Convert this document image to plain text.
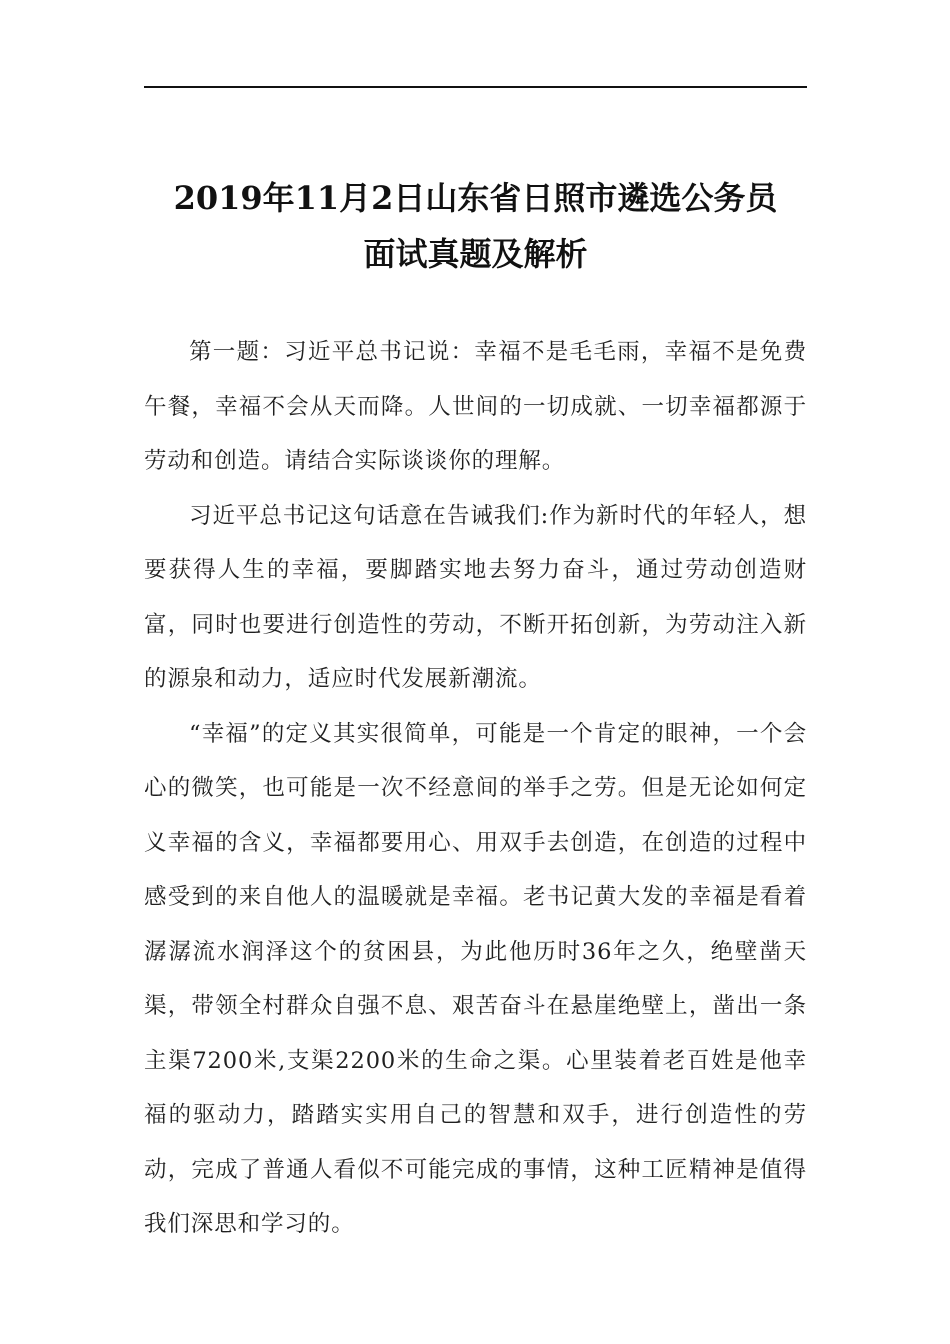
2019年11月2日山东省日照市遴选公务员
面试真题及解析

第一题：习近平总书记说：幸福不是毛毛雨，幸福不是免费午餐，幸福不会从天而降。人世间的一切成就、一切幸福都源于劳动和创造。请结合实际谈谈你的理解。

习近平总书记这句话意在告诫我们:作为新时代的年轻人，想要获得人生的幸福，要脚踏实地去努力奋斗，通过劳动创造财富，同时也要进行创造性的劳动，不断开拓创新，为劳动注入新的源泉和动力，适应时代发展新潮流。

“幸福”的定义其实很简单，可能是一个肯定的眼神，一个会心的微笑，也可能是一次不经意间的举手之劳。但是无论如何定义幸福的含义，幸福都要用心、用双手去创造，在创造的过程中感受到的来自他人的温暖就是幸福。老书记黄大发的幸福是看着潺潺流水润泽这个的贫困县，为此他历时36年之久，绝壁凿天渠，带领全村群众自强不息、艰苦奋斗在悬崖绝壁上，凿出一条主渠7200米,支渠2200米的生命之渠。心里装着老百姓是他幸福的驱动力，踏踏实实用自己的智慧和双手，进行创造性的劳动，完成了普通人看似不可能完成的事情，这种工匠精神是值得我们深思和学习的。
